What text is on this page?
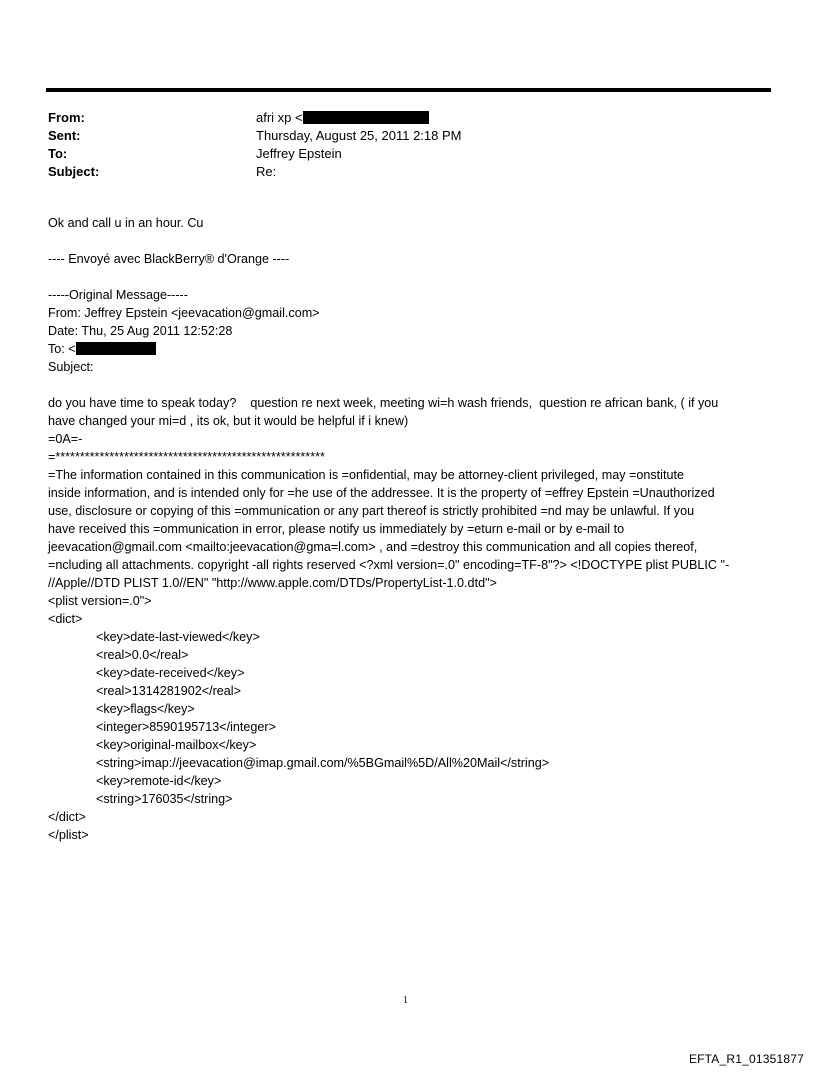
From:	afri xp <
Sent:	Thursday, August 25, 2011 2:18 PM
To:	Jeffrey Epstein
Subject:	Re:

Ok and call u in an hour. Cu

---- Envoyé avec BlackBerry® d'Orange ----

-----Original Message-----

From: Jeffrey Epstein <jeevacation@gmail.com>

Date: Thu, 25 Aug 2011 12:52:28

To: <

Subject:

do you have time to speak today?    question re next week, meeting wi=h wash friends,  question re african bank, ( if you

have changed your mi=d , its ok, but it would be helpful if i knew)

=0A=-

=*******************************************************

=The information contained in this communication is =onfidential, may be attorney-client privileged, may =onstitute

inside information, and is intended only for =he use of the addressee. It is the property of =effrey Epstein =Unauthorized

use, disclosure or copying of this =ommunication or any part thereof is strictly prohibited =nd may be unlawful. If you

have received this =ommunication in error, please notify us immediately by =eturn e-mail or by e-mail to

jeevacation@gmail.com <mailto:jeevacation@gma=l.com> , and =destroy this communication and all copies thereof,

=ncluding all attachments. copyright -all rights reserved <?xml version=.0" encoding=TF-8"?> <!DOCTYPE plist PUBLIC "-

//Apple//DTD PLIST 1.0//EN" "http://www.apple.com/DTDs/PropertyList-1.0.dtd">

<plist version=.0">

<dict>

<key>date-last-viewed</key>

<real>0.0</real>

<key>date-received</key>

<real>1314281902</real>

<key>flags</key>

<integer>8590195713</integer>

<key>original-mailbox</key>

<string>imap://jeevacation@imap.gmail.com/%5BGmail%5D/All%20Mail</string>

<key>remote-id</key>

<string>176035</string>

</dict>

</plist>

1
EFTA_R1_01351877
